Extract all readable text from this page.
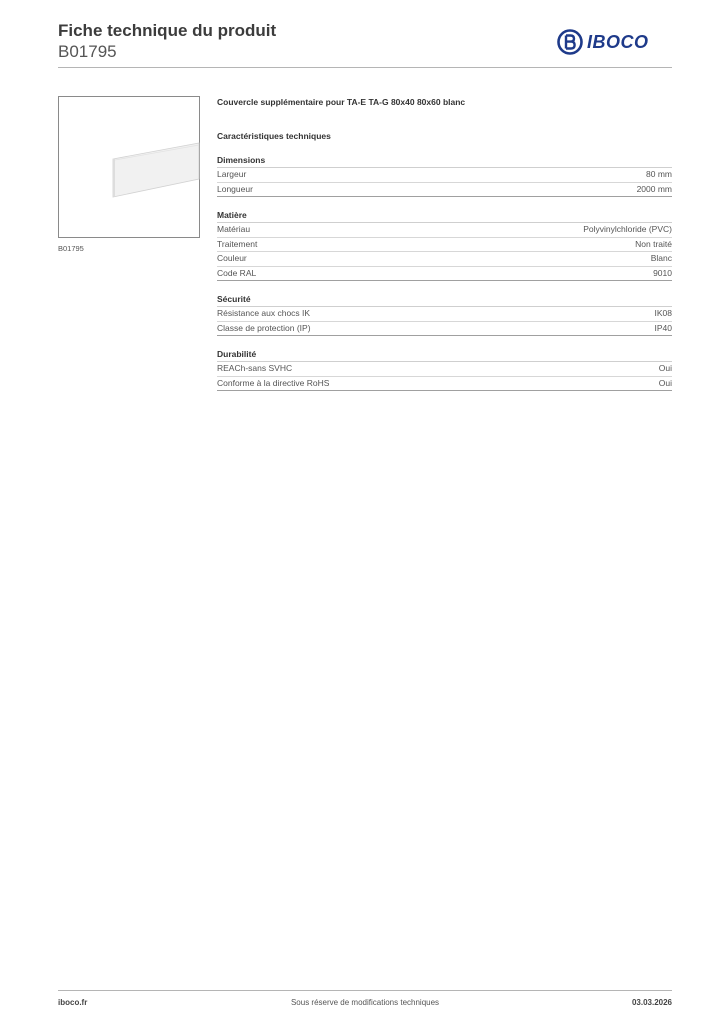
Fiche technique du produit
B01795	IBOCO
B01795
Couvercle supplémentaire pour TA-E TA-G 80x40 80x60 blanc
Caractéristiques techniques
Dimensions
Largeur	80 mm
Longueur	2000 mm
Matière
Matériau	Polyvinylchloride (PVC)
Traitement	Non traité
Couleur	Blanc
Code RAL	9010
Sécurité
Résistance aux chocs IK	IK08
Classe de protection (IP)	IP40
Durabilité
REACh-sans SVHC	Oui
Conforme à la directive RoHS	Oui
iboco.fr	Sous réserve de modifications techniques	03.03.2026
